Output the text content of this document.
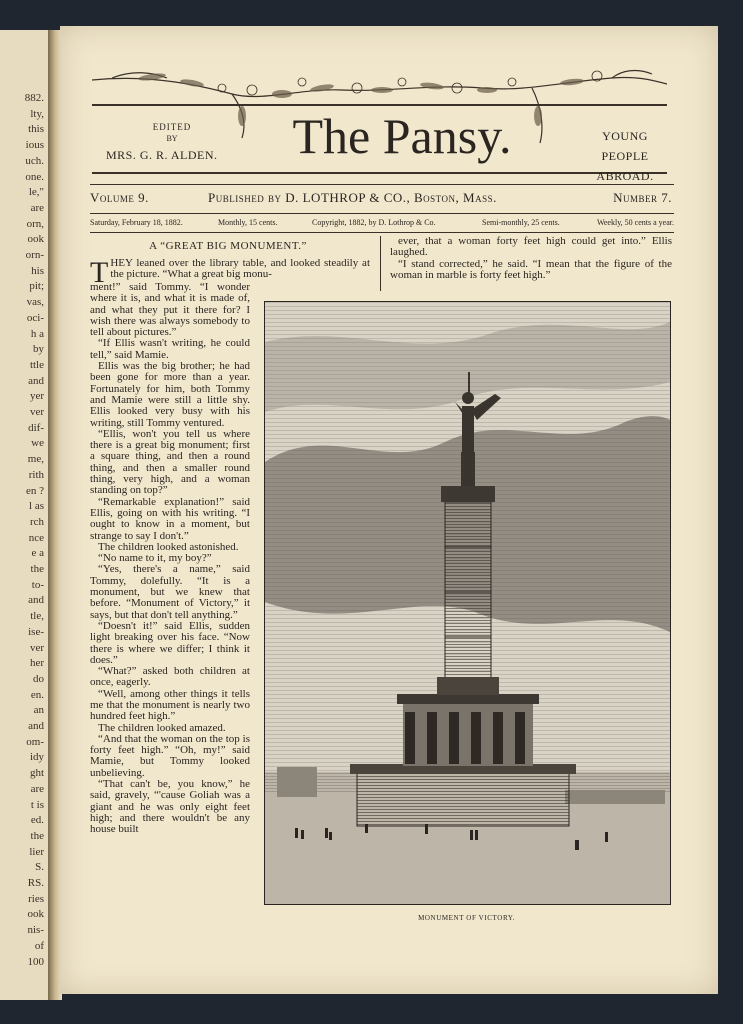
882.
lty,
this
ious
uch.
one.
le,"
are
orn,
ook
orn-
his
pit;
vas,
oci-
h a
by
ttle
and
yer
ver
dif-
we
me,
rith
en ?
l as
rch
nce
e a
the
to-
and
tle,
ise-
ver
her
do
en.
an
and
om-
idy
ght
are
t is
ed.
the
lier
S.
RS.
ries
ook
nis-
of
100
EDITED
BY
MRS. G. R. ALDEN.	The Pansy.	YOUNG PEOPLE
ABROAD.
Volume 9.	Published by D. LOTHROP & CO., Boston, Mass.	Number 7.
Saturday, February 18, 1882.	Monthly, 15 cents.	Copyright, 1882, by D. Lothrop & Co.	Semi-monthly, 25 cents.	Weekly, 50 cents a year.
A “GREAT BIG MONUMENT.”
T HEY leaned over the library table, and looked steadily at the picture. “What a great big monu-

ment!” said Tommy. “I wonder where it is, and what it is made of, and what they put it there for? I wish there was always somebody to tell about pictures.”

“If Ellis wasn't writing, he could tell,” said Mamie.

Ellis was the big brother; he had been gone for more than a year. Fortunately for him, both Tommy and Mamie were still a little shy. Ellis looked very busy with his writing, still Tommy ventured.

“Ellis, won't you tell us where there is a great big monument; first a square thing, and then a round thing, and then a smaller round thing, very high, and a woman standing on top?”

“Remarkable explanation!” said Ellis, going on with his writing. “I ought to know in a moment, but strange to say I don't.”

The children looked astonished.

“No name to it, my boy?”

“Yes, there's a name,” said Tommy, dolefully. “It is a monument, but we knew that before. “Monument of Victory,” it says, but that don't tell anything.”

“Doesn't it!” said Ellis, sudden light breaking over his face. “Now there is where we differ; I think it does.”

“What?” asked both children at once, eagerly.

“Well, among other things it tells me that the monument is nearly two hundred feet high.”

The children looked amazed.

“And that the woman on the top is forty feet high.” “Oh, my!” said Mamie, but Tommy looked unbelieving.

“That can't be, you know,” he said, gravely, “'cause Goliah was a giant and he was only eight feet high; and there wouldn't be any house built

ever, that a woman forty feet high could get into.” Ellis laughed.

“I stand corrected,” he said. “I mean that the figure of the woman in marble is forty feet high.”

MONUMENT OF VICTORY.
